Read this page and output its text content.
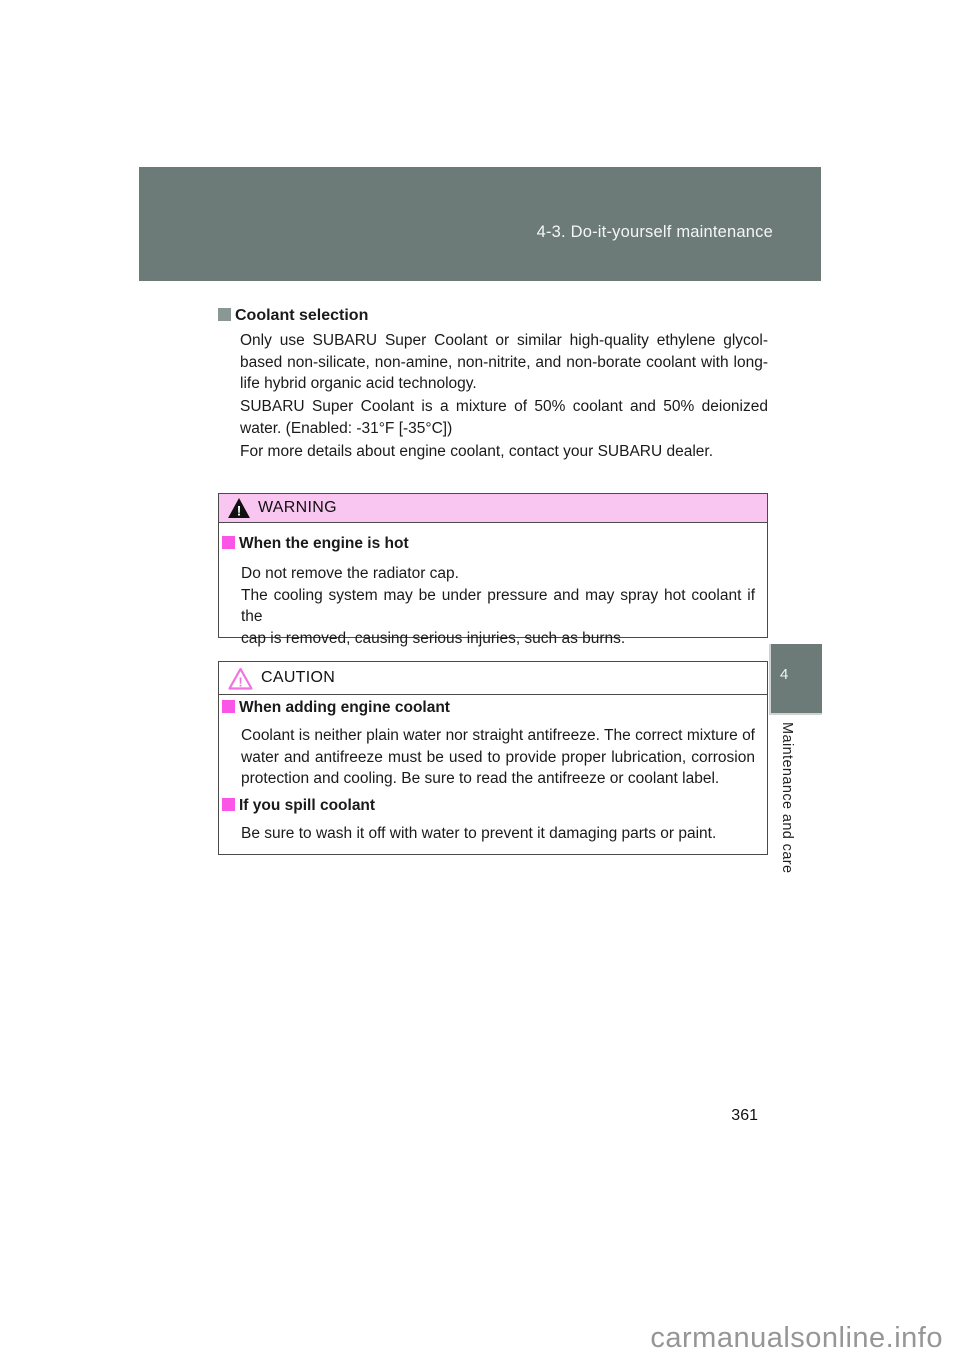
4-3. Do-it-yourself maintenance
Coolant selection
Only use SUBARU Super Coolant or similar high-quality ethylene glycol-
based non-silicate, non-amine, non-nitrite, and non-borate coolant with long-
life hybrid organic acid technology.
SUBARU Super Coolant is a mixture of 50% coolant and 50% deionized
water. (Enabled: -31°F [-35°C])
For more details about engine coolant, contact your SUBARU dealer.
! WARNING
When the engine is hot
Do not remove the radiator cap.
The cooling system may be under pressure and may spray hot coolant if the
cap is removed, causing serious injuries, such as burns.
! CAUTION
When adding engine coolant
Coolant is neither plain water nor straight antifreeze. The correct mixture of
water and antifreeze must be used to provide proper lubrication, corrosion
protection and cooling. Be sure to read the antifreeze or coolant label.
If you spill coolant
Be sure to wash it off with water to prevent it damaging parts or paint.
4
Maintenance and care
361
carmanualsonline.info
